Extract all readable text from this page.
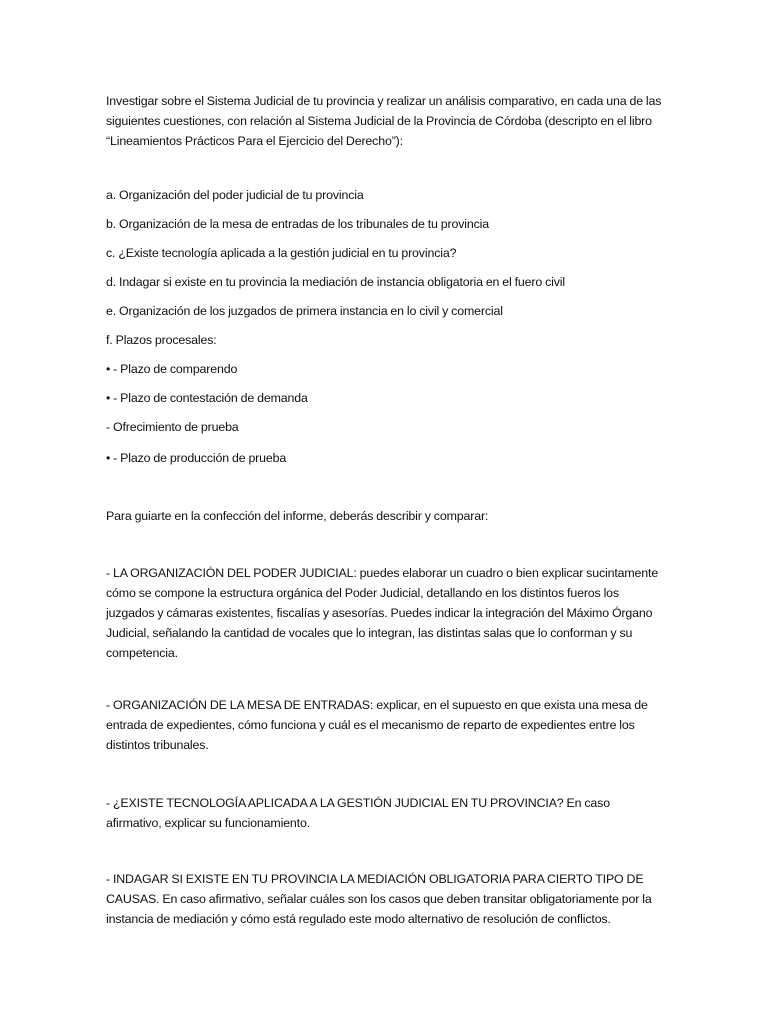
Investigar sobre el Sistema Judicial de tu provincia y realizar un análisis comparativo, en cada una de las siguientes cuestiones, con relación al Sistema Judicial de la Provincia de Córdoba (descripto en el libro “Lineamientos Prácticos Para el Ejercicio del Derecho”):

a. Organización del poder judicial de tu provincia

b. Organización de la mesa de entradas de los tribunales de tu provincia

c. ¿Existe tecnología aplicada a la gestión judicial en tu provincia?

d. Indagar si existe en tu provincia la mediación de instancia obligatoria en el fuero civil

e. Organización de los juzgados de primera instancia en lo civil y comercial

f. Plazos procesales:

• - Plazo de comparendo

• - Plazo de contestación de demanda

- Ofrecimiento de prueba

• - Plazo de producción de prueba

Para guiarte en la confección del informe, deberás describir y comparar:

- LA ORGANIZACIÓN DEL PODER JUDICIAL: puedes elaborar un cuadro o bien explicar sucintamente cómo se compone la estructura orgánica del Poder Judicial, detallando en los distintos fueros los juzgados y cámaras existentes, fiscalías y asesorías. Puedes indicar la integración del Máximo Órgano Judicial, señalando la cantidad de vocales que lo integran, las distintas salas que lo conforman y su competencia.

- ORGANIZACIÓN DE LA MESA DE ENTRADAS: explicar, en el supuesto en que exista una mesa de entrada de expedientes, cómo funciona y cuál es el mecanismo de reparto de expedientes entre los distintos tribunales.

- ¿EXISTE TECNOLOGÍA APLICADA A LA GESTIÓN JUDICIAL EN TU PROVINCIA? En caso afirmativo, explicar su funcionamiento.

- INDAGAR SI EXISTE EN TU PROVINCIA LA MEDIACIÓN OBLIGATORIA PARA CIERTO TIPO DE CAUSAS. En caso afirmativo, señalar cuáles son los casos que deben transitar obligatoriamente por la instancia de mediación y cómo está regulado este modo alternativo de resolución de conflictos.
